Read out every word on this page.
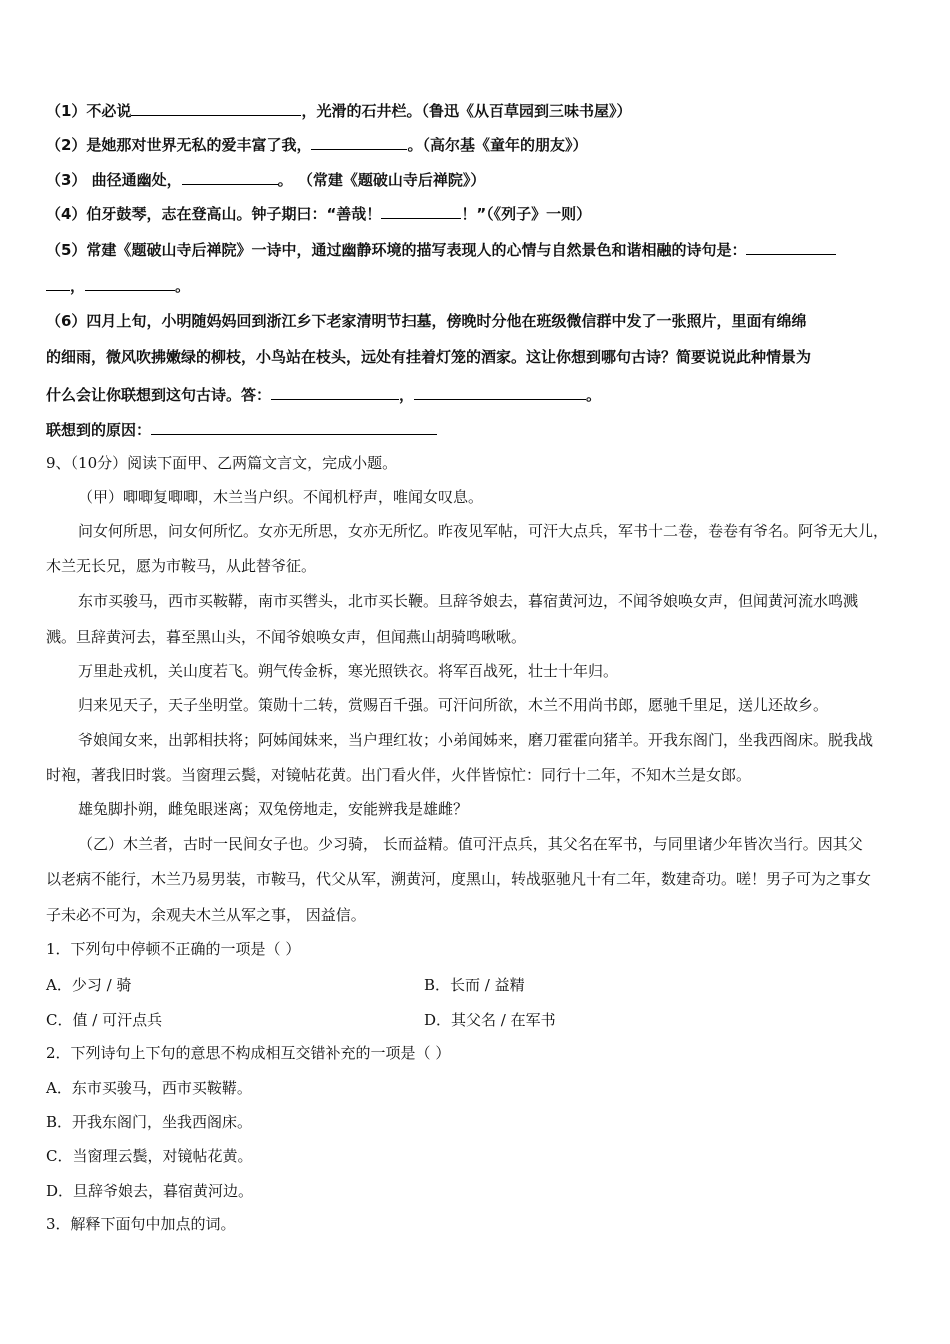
（1）不必说	，光滑的石井栏。（鲁迅《从百草园到三味书屋》）
（2）是她那对世界无私的爱丰富了我，	。（高尔基《童年的朋友》）
（3） 曲径通幽处，	。 （常建《题破山寺后禅院》）
（4）伯牙鼓琴，志在登高山。钟子期曰：“善哉！	！”（《列子》一则）
（5）常建《题破山寺后禅院》一诗中，通过幽静环境的描写表现人的心情与自然景色和谐相融的诗句是：
，	。
（6）四月上旬，小明随妈妈回到浙江乡下老家清明节扫墓，傍晚时分他在班级微信群中发了一张照片，里面有绵绵
的细雨，微风吹拂嫩绿的柳枝，小鸟站在枝头，远处有挂着灯笼的酒家。这让你想到哪句古诗？简要说说此种情景为
什么会让你联想到这句古诗。答：	，	。
联想到的原因：
9、（10分）阅读下面甲、乙两篇文言文，完成小题。
（甲）唧唧复唧唧，木兰当户织。不闻机杼声，唯闻女叹息。
问女何所思，问女何所忆。女亦无所思，女亦无所忆。昨夜见军帖，可汗大点兵，军书十二卷，卷卷有爷名。阿爷无大儿，
木兰无长兄，愿为市鞍马，从此替爷征。
东市买骏马，西市买鞍鞯，南市买辔头，北市买长鞭。旦辞爷娘去，暮宿黄河边，不闻爷娘唤女声，但闻黄河流水鸣溅
溅。旦辞黄河去，暮至黑山头，不闻爷娘唤女声，但闻燕山胡骑鸣啾啾。
万里赴戎机，关山度若飞。朔气传金柝，寒光照铁衣。将军百战死，壮士十年归。
归来见天子，天子坐明堂。策勋十二转，赏赐百千强。可汗问所欲，木兰不用尚书郎，愿驰千里足，送儿还故乡。
爷娘闻女来，出郭相扶将；阿姊闻妹来，当户理红妆；小弟闻姊来，磨刀霍霍向猪羊。开我东阁门，坐我西阁床。脱我战
时袍，著我旧时裳。当窗理云鬓，对镜帖花黄。出门看火伴，火伴皆惊忙：同行十二年，不知木兰是女郎。
雄兔脚扑朔，雌兔眼迷离；双兔傍地走，安能辨我是雄雌？
（乙）木兰者，古时一民间女子也。少习骑， 长而益精。值可汗点兵，其父名在军书，与同里诸少年皆次当行。因其父
以老病不能行，木兰乃易男装，市鞍马，代父从军，溯黄河，度黑山，转战驱驰凡十有二年，数建奇功。嗟！男子可为之事女
子未必不可为，余观夫木兰从军之事， 因益信。
1．下列句中停顿不正确的一项是（ ）
A．少习 / 骑	B．长而 / 益精
C．值 / 可汗点兵	D．其父名 / 在军书
2．下列诗句上下句的意思不构成相互交错补充的一项是（ ）
A．东市买骏马，西市买鞍鞯。
B．开我东阁门，坐我西阁床。
C．当窗理云鬓，对镜帖花黄。
D．旦辞爷娘去，暮宿黄河边。
3．解释下面句中加点的词。
